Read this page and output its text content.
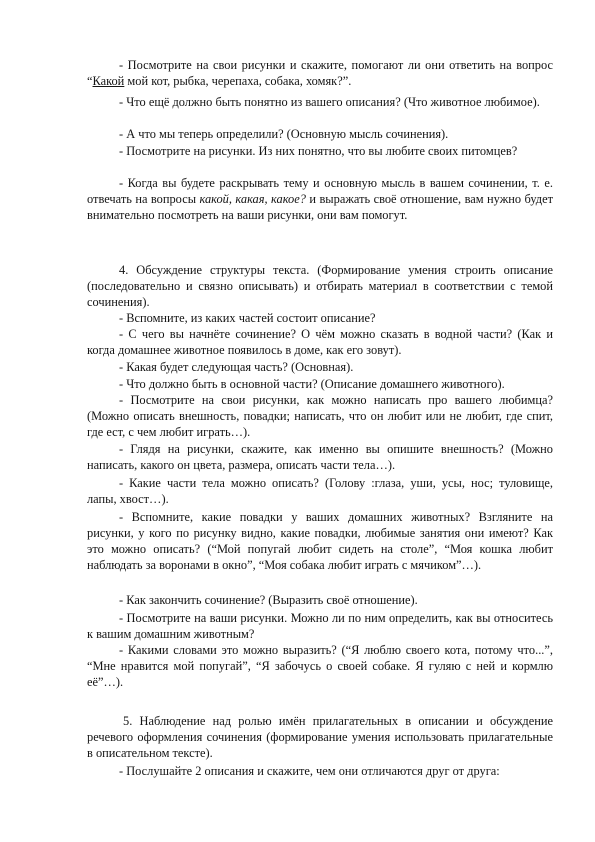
- Посмотрите на свои рисунки и скажите, помогают ли они ответить на вопрос “Какой мой кот, рыбка, черепаха, собака, хомяк?”.

- Что ещё должно быть понятно из вашего описания? (Что животное любимое).

- А что мы теперь определили? (Основную мысль сочинения).

- Посмотрите на рисунки. Из них понятно, что вы любите своих питомцев?

- Когда вы будете раскрывать тему и основную мысль в вашем сочинении, т. е. отвечать на вопросы какой, какая, какое? и выражать своё отношение, вам нужно будет внимательно посмотреть на ваши рисунки, они вам помогут.

4. Обсуждение структуры текста. (Формирование умения строить описание (последовательно и связно описывать) и отбирать материал в соответствии с темой сочинения).

- Вспомните, из каких частей состоит описание?

- С чего вы начнёте сочинение? О чём можно сказать в водной части? (Как и когда домашнее животное появилось в доме, как его зовут).

- Какая будет следующая часть? (Основная).

- Что должно быть в основной части? (Описание домашнего животного).

- Посмотрите на свои рисунки, как можно написать про вашего любимца? (Можно описать внешность, повадки; написать, что он любит или не любит, где спит, где ест, с чем любит играть…).

- Глядя на рисунки, скажите, как именно вы опишите внешность? (Можно написать, какого он цвета, размера, описать части тела…).

- Какие части тела можно описать? (Голову :глаза, уши, усы, нос; туловище, лапы, хвост…).

- Вспомните, какие повадки у ваших домашних животных? Взгляните на рисунки, у кого по рисунку видно, какие повадки, любимые занятия они имеют? Как это можно описать? (“Мой попугай любит сидеть на столе”, “Моя кошка любит наблюдать за воронами в окно”, “Моя собака любит играть с мячиком”…).

- Как закончить сочинение? (Выразить своё отношение).

- Посмотрите на ваши рисунки. Можно ли по ним определить, как вы относитесь к вашим домашним животным?

- Какими словами это можно выразить? (“Я люблю своего кота, потому что...”, “Мне нравится мой попугай”, “Я забочусь о своей собаке. Я гуляю с ней и кормлю её”…).

5. Наблюдение над ролью имён прилагательных в описании и обсуждение речевого оформления сочинения (формирование умения использовать прилагательные в описательном тексте).

- Послушайте 2 описания и скажите, чем они отличаются друг от друга:
